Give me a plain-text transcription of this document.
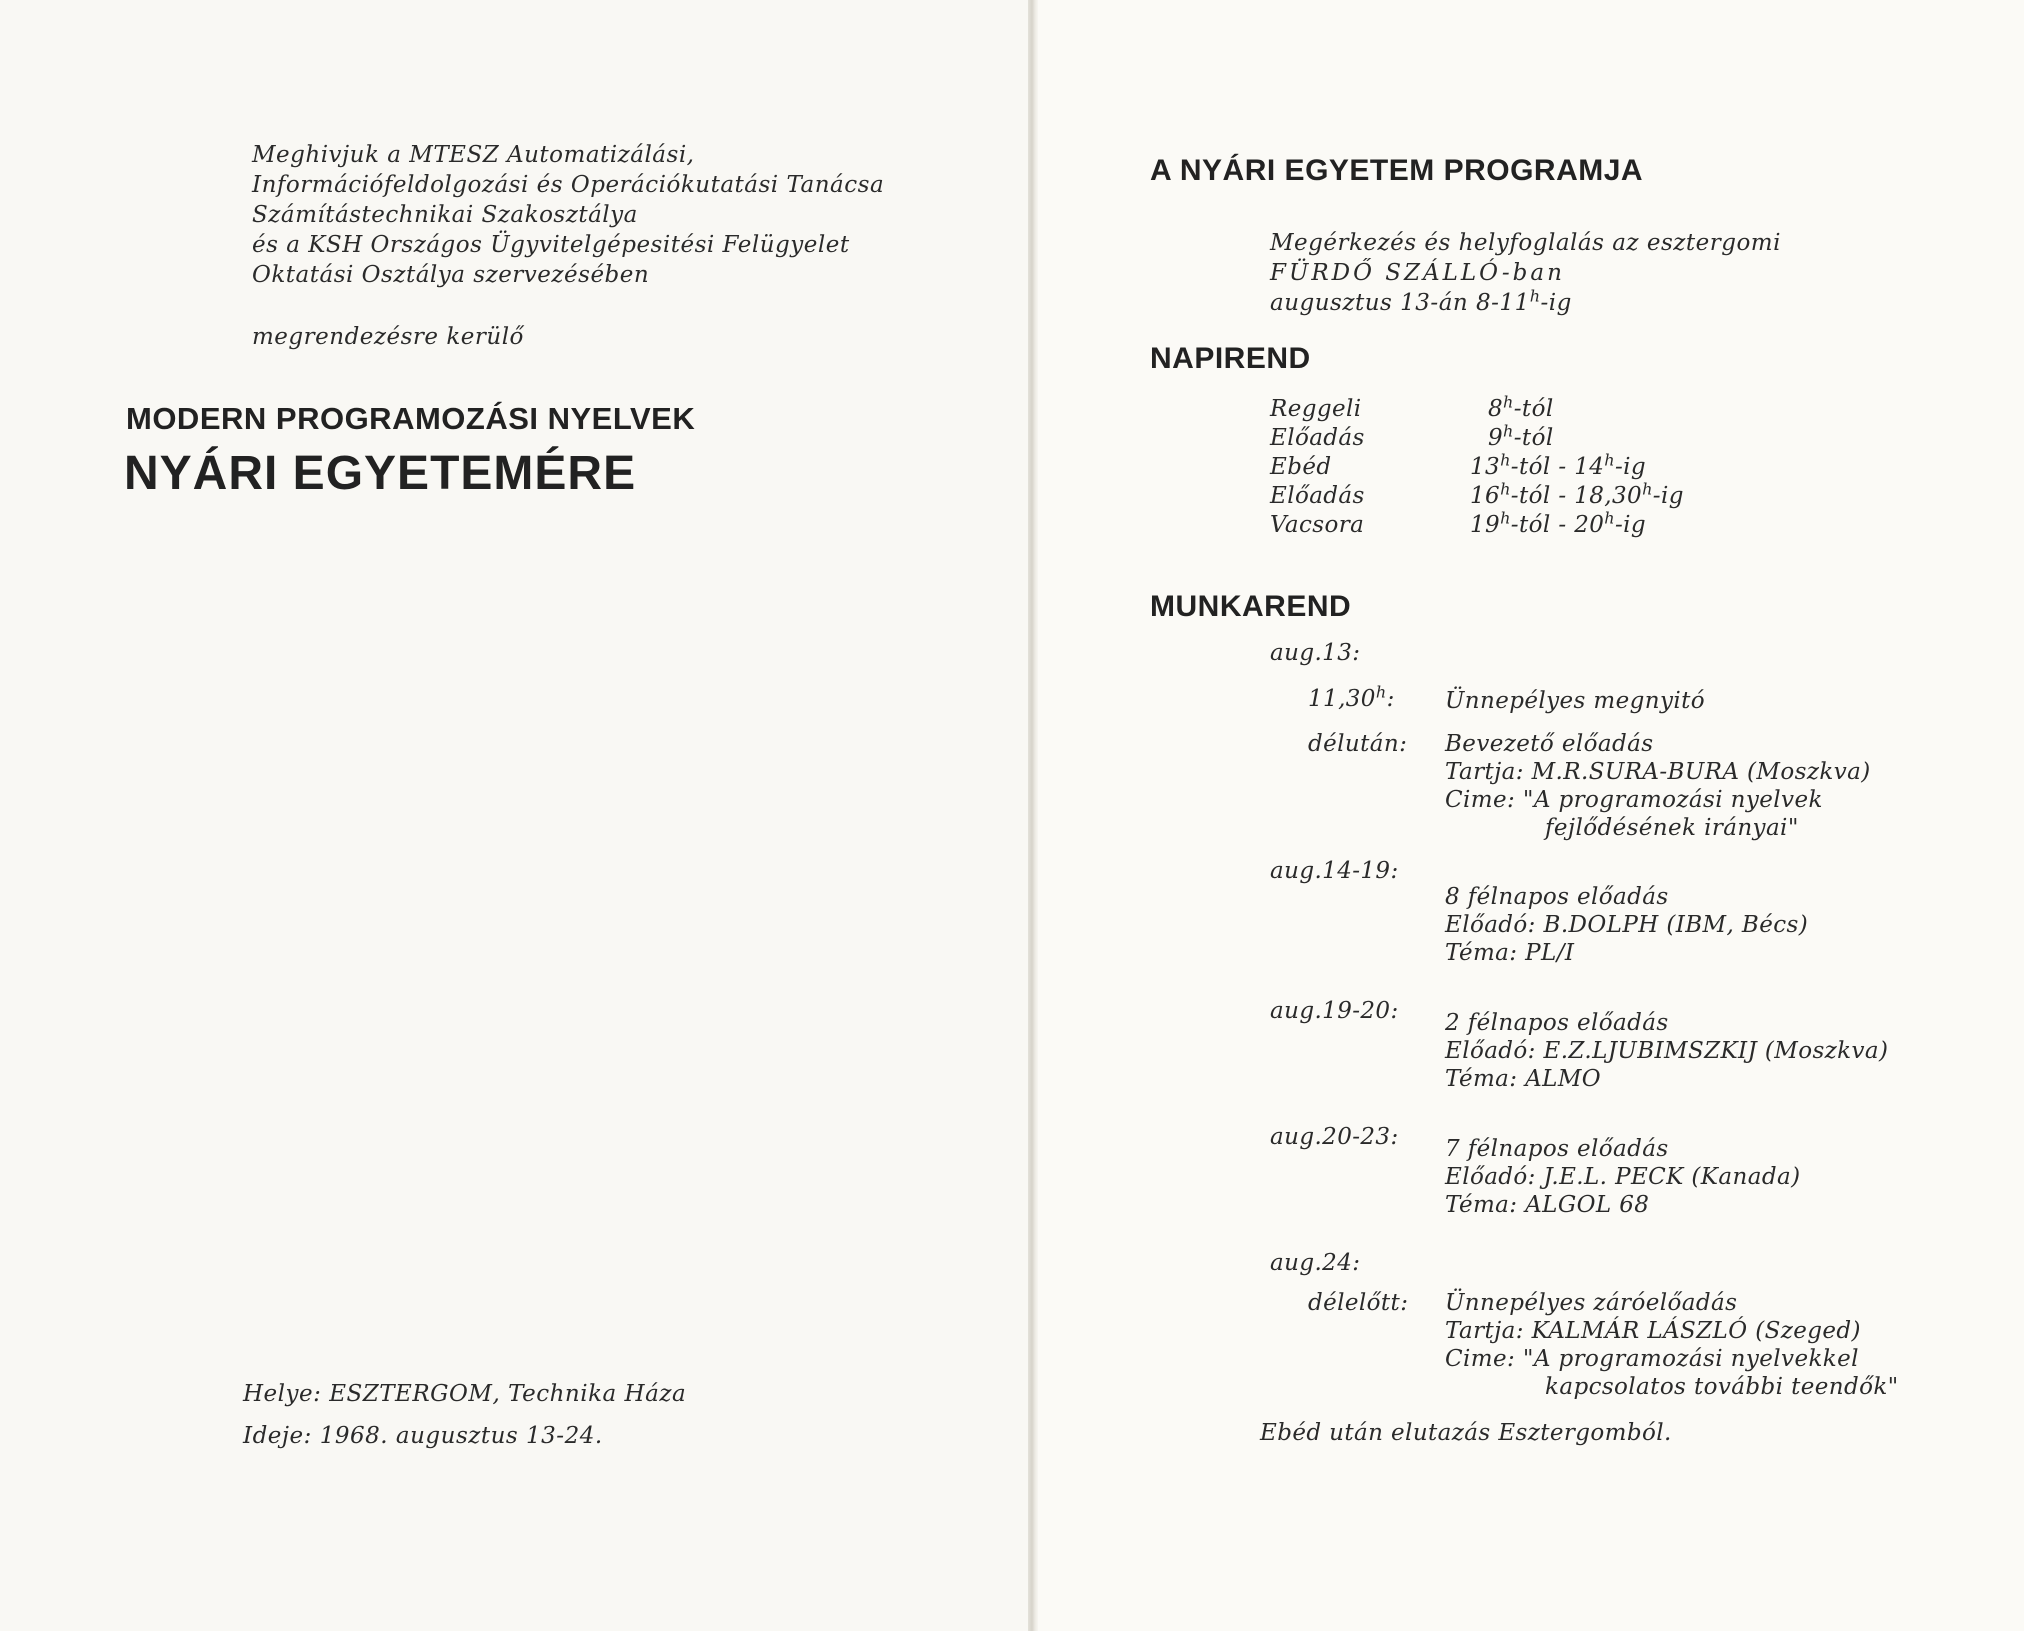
Meghivjuk a MTESZ Automatizálási,
Információfeldolgozási és Operációkutatási Tanácsa
Számítástechnikai Szakosztálya
és a KSH Országos Ügyvitelgépesitési Felügyelet
Oktatási Osztálya szervezésében
megrendezésre kerülő
MODERN PROGRAMOZÁSI NYELVEK
NYÁRI EGYETEMÉRE
Helye: ESZTERGOM, Technika Háza
Ideje: 1968. augusztus 13-24.
A NYÁRI EGYETEM PROGRAMJA
Megérkezés és helyfoglalás az esztergomi
FÜRDŐ SZÁLLÓ-ban
augusztus 13-án 8-11$^h$-ig
NAPIREND
Reggeli
Előadás
Ebéd
Előadás
Vacsora
8$^h$-tól
9$^h$-tól
13$^h$-tól - 14$^h$-ig
16$^h$-tól - 18,30$^h$-ig
19$^h$-tól - 20$^h$-ig
MUNKAREND
aug.13:
11,30$^h$: Ünnepélyes megnyitó
délután: Bevezető előadás
Tartja: M.R.SURA-BURA (Moszkva)
Cime: "A programozási nyelvek
fejlődésének irányai"
aug.14-19:
8 félnapos előadás
Előadó: B.DOLPH (IBM, Bécs)
Téma: PL/I
aug.19-20: 2 félnapos előadás
Előadó: E.Z.LJUBIMSZKIJ (Moszkva)
Téma: ALMO
aug.20-23: 7 félnapos előadás
Előadó: J.E.L. PECK (Kanada)
Téma: ALGOL 68
aug.24:
délelőtt: Ünnepélyes záróelőadás
Tartja: KALMÁR LÁSZLÓ (Szeged)
Cime: "A programozási nyelvekkel
kapcsolatos további teendők"
Ebéd után elutazás Esztergomból.
